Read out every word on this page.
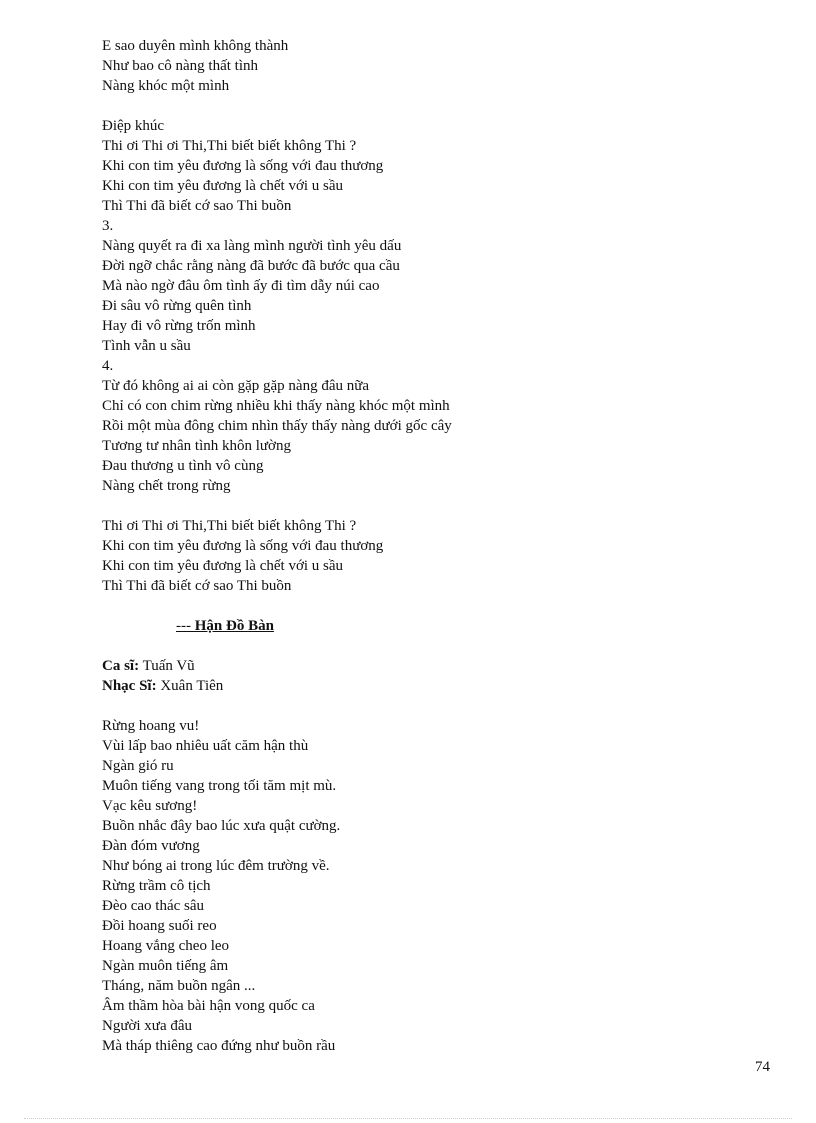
E sao duyên mình không thành
Như bao cô nàng thất tình
Nàng khóc một mình
Điệp khúc
Thi ơi Thi ơi Thi,Thi biết biết không Thi ?
Khi con tim yêu đương là sống với đau thương
Khi con tim yêu đương là chết với u sầu
Thì Thi đã biết cớ sao Thi buồn
3.
Nàng quyết ra đi xa làng mình người tình yêu dấu
Đời ngỡ chắc rằng nàng đã bước đã bước qua cầu
Mà nào ngờ đâu ôm tình ấy đi tìm dẫy núi cao
Đi sâu vô rừng quên tình
Hay đi vô rừng trốn mình
Tình vẫn u sầu
4.
Từ đó không ai ai còn gặp gặp nàng đâu nữa
Chỉ có con chim rừng nhiều khi thấy nàng khóc một mình
Rồi một mùa đông chim nhìn thấy thấy nàng dưới gốc cây
Tương tư nhân tình khôn lường
Đau thương u tình vô cùng
Nàng chết trong rừng
Thi ơi Thi ơi Thi,Thi biết biết không Thi ?
Khi con tim yêu đương là sống với đau thương
Khi con tim yêu đương là chết với u sầu
Thì Thi đã biết cớ sao Thi buồn
--- Hận Đồ Bàn
Ca sĩ: Tuấn Vũ
Nhạc Sĩ: Xuân Tiên
Rừng hoang vu!
Vùi lấp bao nhiêu uất căm hận thù
Ngàn gió ru
Muôn tiếng vang trong tối tăm mịt mù.
Vạc kêu sương!
Buồn nhắc đây bao lúc xưa quật cường.
Đàn đóm vương
Như bóng ai trong lúc đêm trường về.
Rừng trầm cô tịch
Đèo cao thác sâu
Đồi hoang suối reo
Hoang vắng cheo leo
Ngàn muôn tiếng âm
Tháng, năm buồn ngân ...
Âm thầm hòa bài hận vong quốc ca
Người xưa đâu
Mà tháp thiêng cao đứng như buồn rầu
74
